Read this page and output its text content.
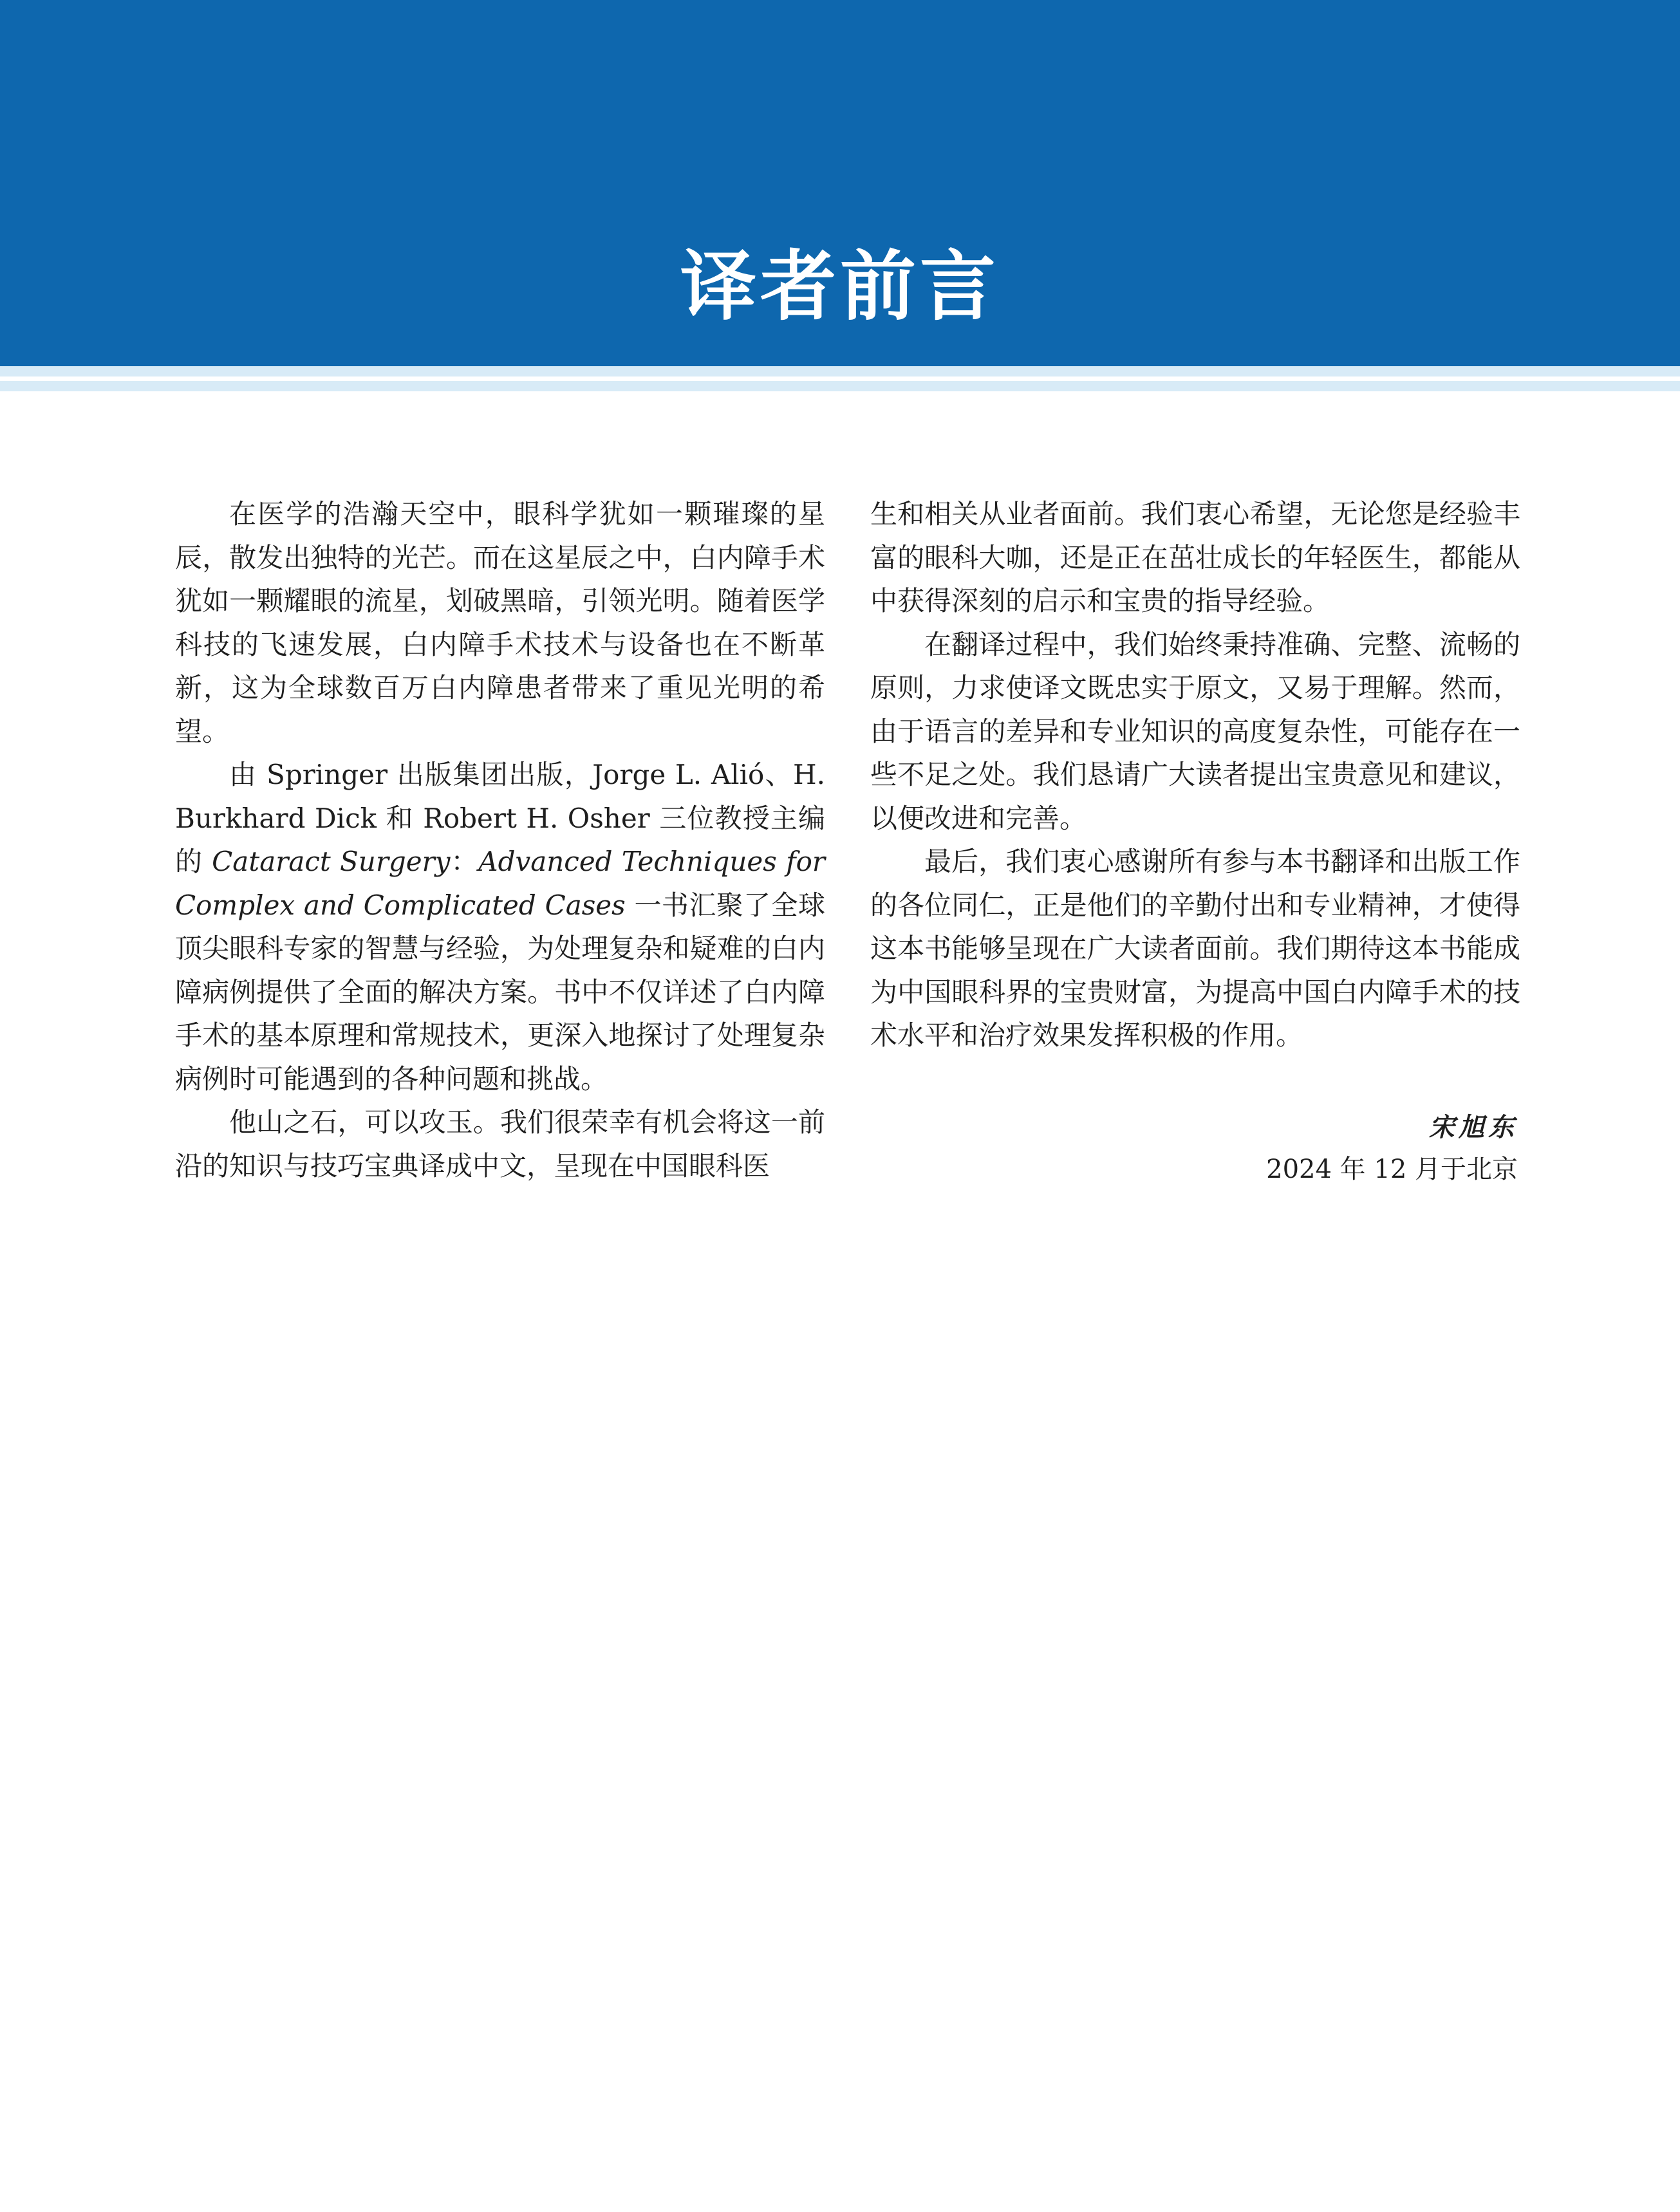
译者前言

在医学的浩瀚天空中，眼科学犹如一颗璀璨的星辰，散发出独特的光芒。而在这星辰之中，白内障手术犹如一颗耀眼的流星，划破黑暗，引领光明。随着医学科技的飞速发展，白内障手术技术与设备也在不断革新，这为全球数百万白内障患者带来了重见光明的希望。

由 Springer 出版集团出版，Jorge L. Alió、H. Burkhard Dick 和 Robert H. Osher 三位教授主编的 Cataract Surgery：Advanced Techniques for Complex and Complicated Cases 一书汇聚了全球顶尖眼科专家的智慧与经验，为处理复杂和疑难的白内障病例提供了全面的解决方案。书中不仅详述了白内障手术的基本原理和常规技术，更深入地探讨了处理复杂病例时可能遇到的各种问题和挑战。

他山之石，可以攻玉。我们很荣幸有机会将这一前沿的知识与技巧宝典译成中文，呈现在中国眼科医

生和相关从业者面前。我们衷心希望，无论您是经验丰富的眼科大咖，还是正在茁壮成长的年轻医生，都能从中获得深刻的启示和宝贵的指导经验。

在翻译过程中，我们始终秉持准确、完整、流畅的原则，力求使译文既忠实于原文，又易于理解。然而，由于语言的差异和专业知识的高度复杂性，可能存在一些不足之处。我们恳请广大读者提出宝贵意见和建议，以便改进和完善。

最后，我们衷心感谢所有参与本书翻译和出版工作的各位同仁，正是他们的辛勤付出和专业精神，才使得这本书能够呈现在广大读者面前。我们期待这本书能成为中国眼科界的宝贵财富，为提高中国白内障手术的技术水平和治疗效果发挥积极的作用。

宋旭东
2024 年 12 月于北京
